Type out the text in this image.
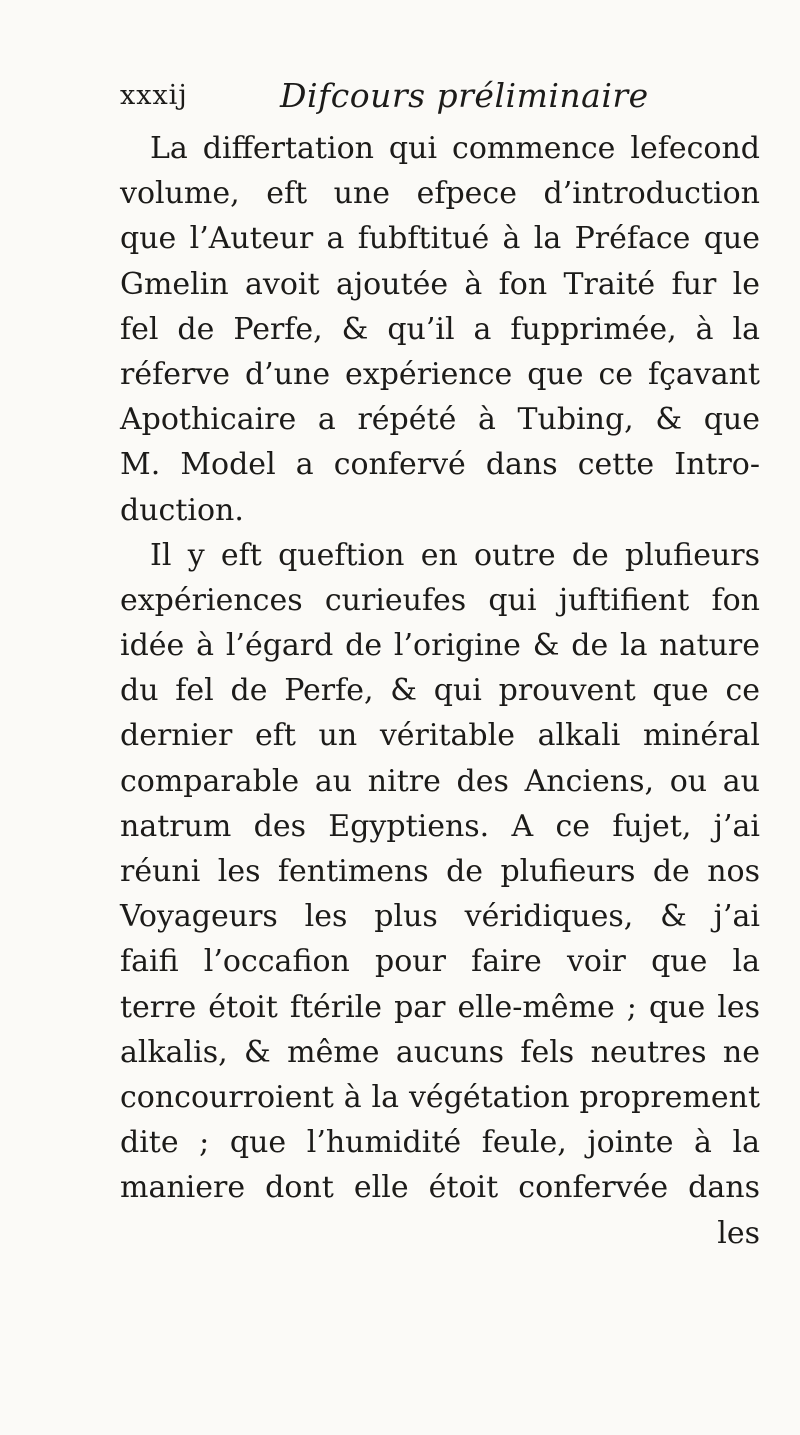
xxxij	Difcours préliminaire
La differtation qui commence lefecond
volume, eft une efpece d’introduction
que l’Auteur a fubftitué à la Préface que
Gmelin avoit ajoutée à fon Traité fur le
fel de Perfe, & qu’il a fupprimée, à la
réferve d’une expérience que ce fçavant
Apothicaire a répété à Tubing, & que
M. Model a confervé dans cette Intro-
duction.
Il y eft queftion en outre de plufieurs
expériences curieufes qui juftifient fon
idée à l’égard de l’origine & de la nature
du fel de Perfe, & qui prouvent que ce
dernier eft un véritable alkali minéral
comparable au nitre des Anciens, ou au
natrum des Egyptiens. A ce fujet, j’ai
réuni les fentimens de plufieurs de nos
Voyageurs les plus véridiques, & j’ai
faifi l’occafion pour faire voir que la
terre étoit ftérile par elle-même ; que les
alkalis, & même aucuns fels neutres ne
concourroient à la végétation proprement
dite ; que l’humidité feule, jointe à la
maniere dont elle étoit confervée dans
les
